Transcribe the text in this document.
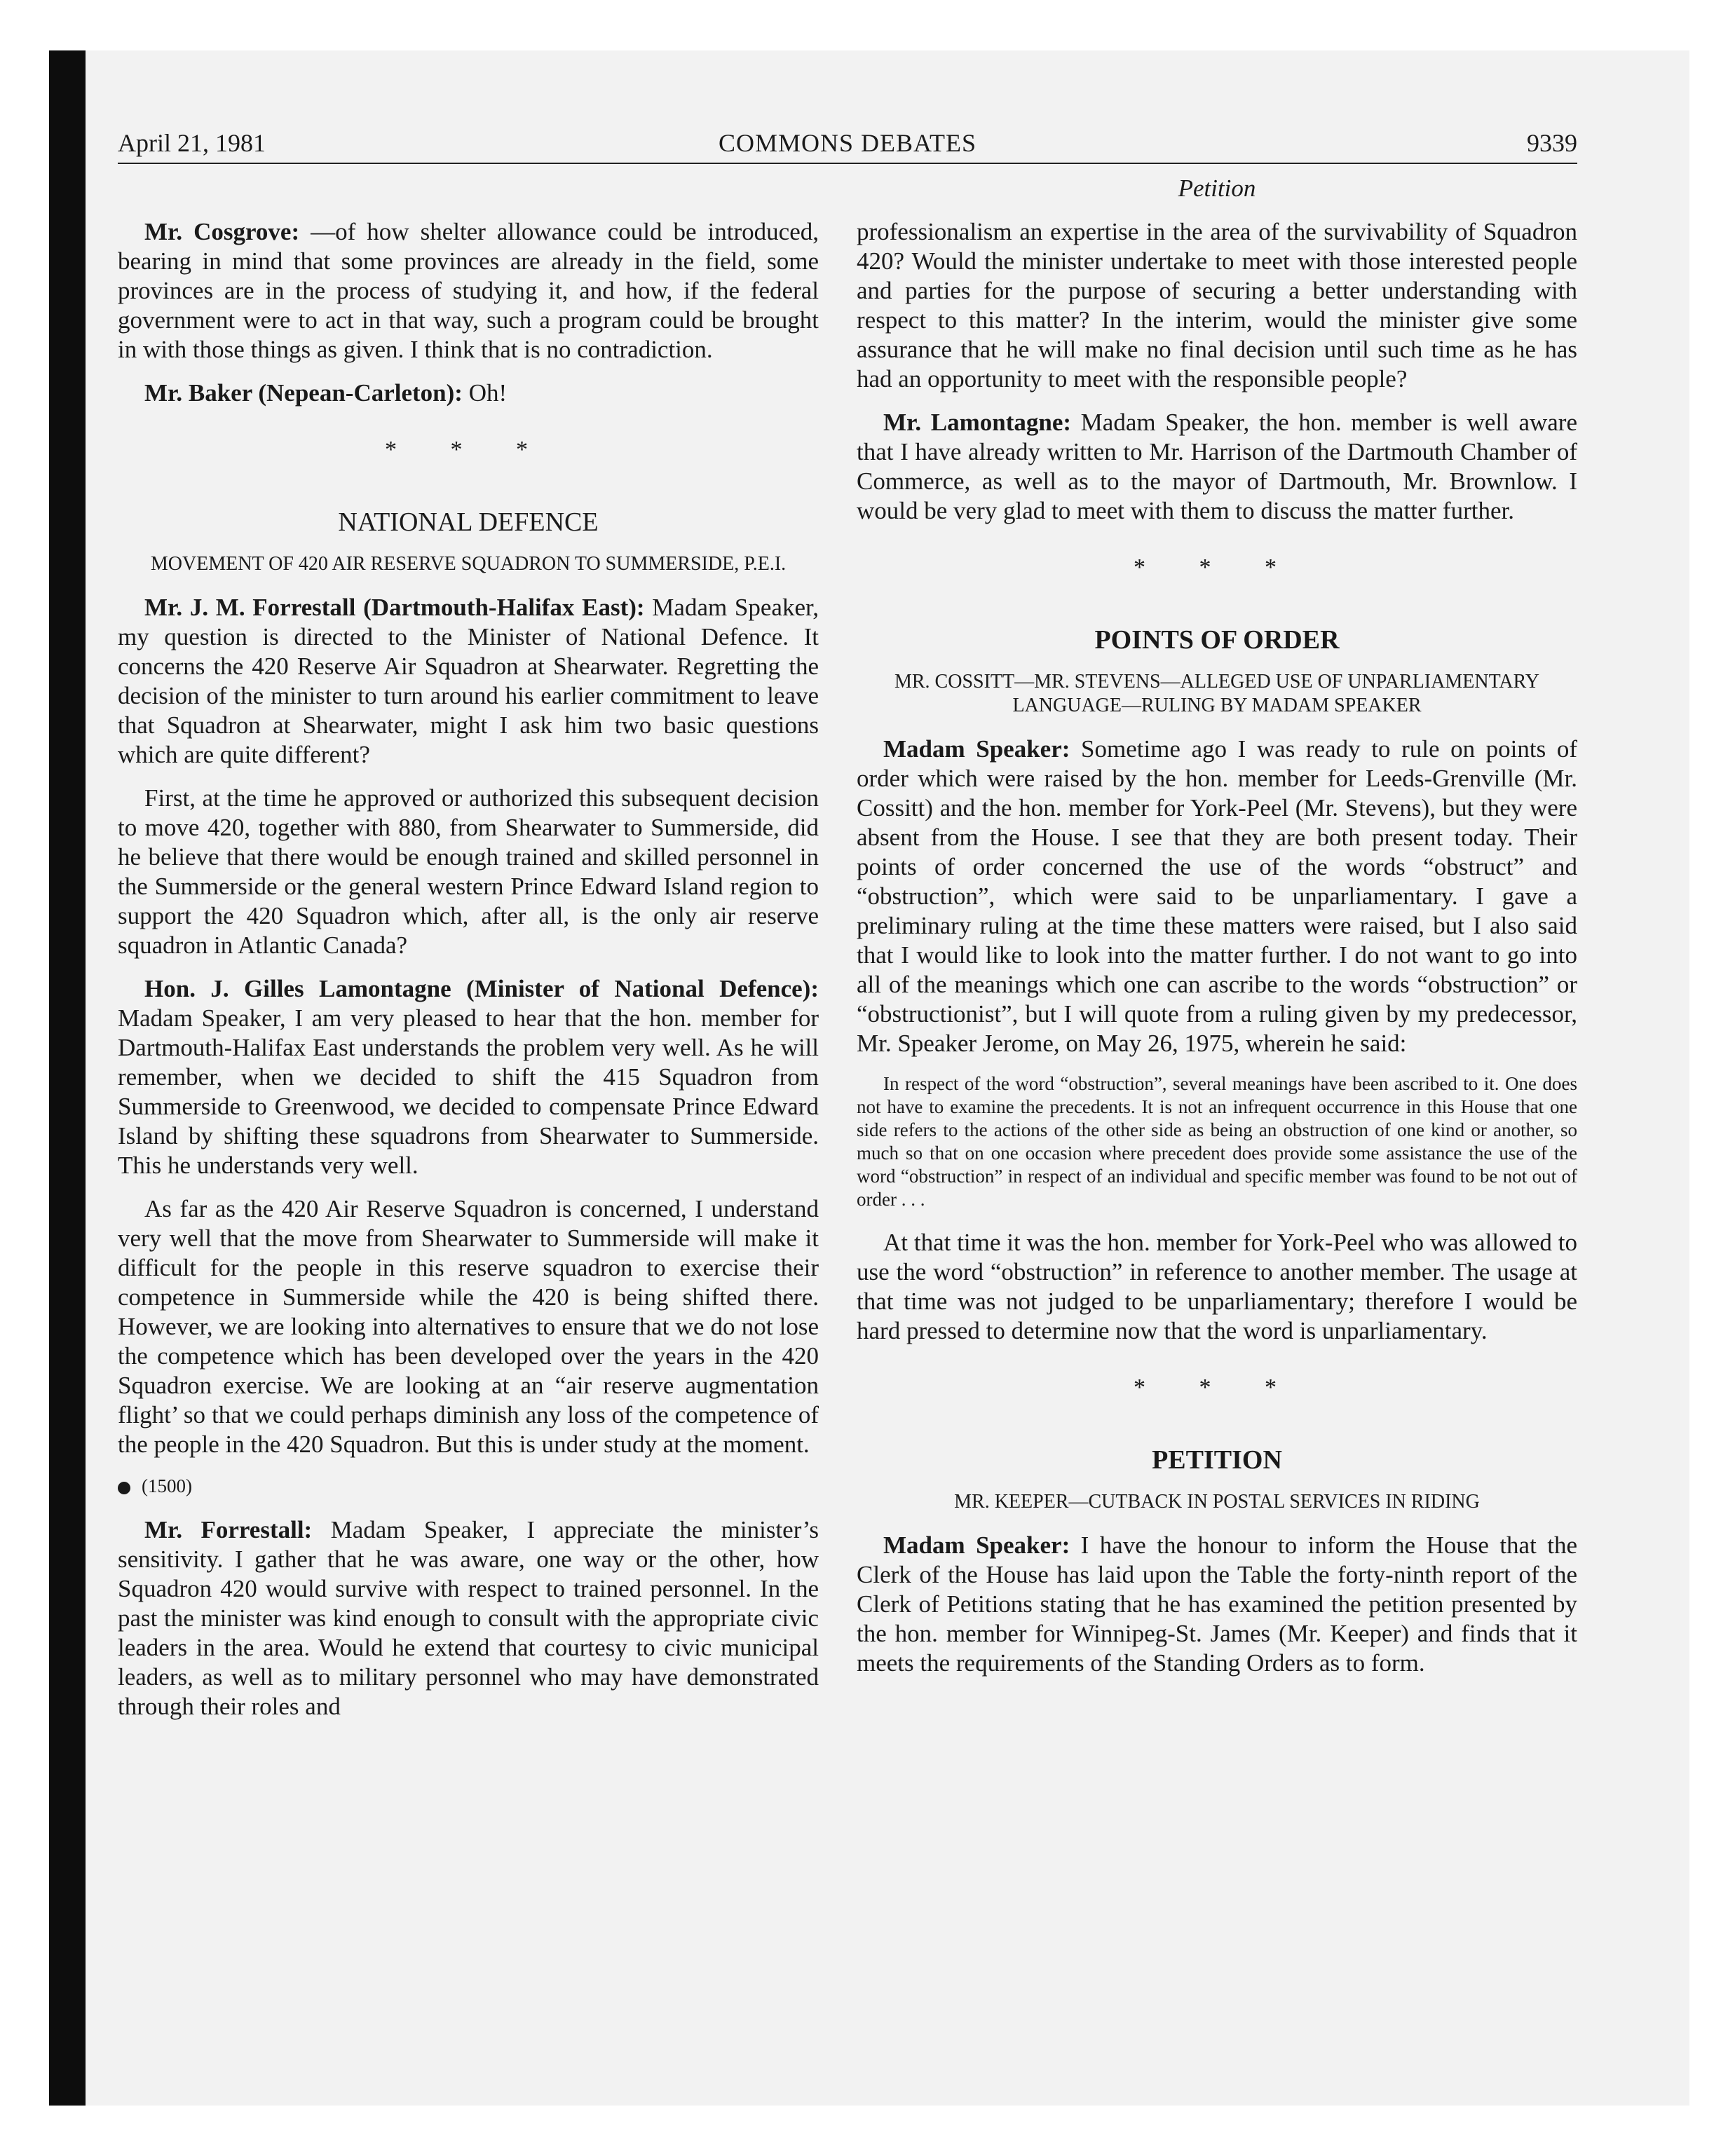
April 21, 1981	COMMONS DEBATES	9339
Petition

Mr. Cosgrove: —of how shelter allowance could be introduced, bearing in mind that some provinces are already in the field, some provinces are in the process of studying it, and how, if the federal government were to act in that way, such a program could be brought in with those things as given. I think that is no contradiction.

Mr. Baker (Nepean-Carleton): Oh!

* * *
NATIONAL DEFENCE
MOVEMENT OF 420 AIR RESERVE SQUADRON TO SUMMERSIDE, P.E.I.

Mr. J. M. Forrestall (Dartmouth-Halifax East): Madam Speaker, my question is directed to the Minister of National Defence. It concerns the 420 Reserve Air Squadron at Shearwater. Regretting the decision of the minister to turn around his earlier commitment to leave that Squadron at Shearwater, might I ask him two basic questions which are quite different?

First, at the time he approved or authorized this subsequent decision to move 420, together with 880, from Shearwater to Summerside, did he believe that there would be enough trained and skilled personnel in the Summerside or the general western Prince Edward Island region to support the 420 Squadron which, after all, is the only air reserve squadron in Atlantic Canada?

Hon. J. Gilles Lamontagne (Minister of National Defence): Madam Speaker, I am very pleased to hear that the hon. member for Dartmouth-Halifax East understands the problem very well. As he will remember, when we decided to shift the 415 Squadron from Summerside to Greenwood, we decided to compensate Prince Edward Island by shifting these squadrons from Shearwater to Summerside. This he understands very well.

As far as the 420 Air Reserve Squadron is concerned, I understand very well that the move from Shearwater to Summerside will make it difficult for the people in this reserve squadron to exercise their competence in Summerside while the 420 is being shifted there. However, we are looking into alternatives to ensure that we do not lose the competence which has been developed over the years in the 420 Squadron exercise. We are looking at an “air reserve augmentation flight’ so that we could perhaps diminish any loss of the competence of the people in the 420 Squadron. But this is under study at the moment.

(1500)

Mr. Forrestall: Madam Speaker, I appreciate the minister’s sensitivity. I gather that he was aware, one way or the other, how Squadron 420 would survive with respect to trained personnel. In the past the minister was kind enough to consult with the appropriate civic leaders in the area. Would he extend that courtesy to civic municipal leaders, as well as to military personnel who may have demonstrated through their roles and

professionalism an expertise in the area of the survivability of Squadron 420? Would the minister undertake to meet with those interested people and parties for the purpose of securing a better understanding with respect to this matter? In the interim, would the minister give some assurance that he will make no final decision until such time as he has had an opportunity to meet with the responsible people?

Mr. Lamontagne: Madam Speaker, the hon. member is well aware that I have already written to Mr. Harrison of the Dartmouth Chamber of Commerce, as well as to the mayor of Dartmouth, Mr. Brownlow. I would be very glad to meet with them to discuss the matter further.

* * *
POINTS OF ORDER
MR. COSSITT—MR. STEVENS—ALLEGED USE OF UNPARLIAMENTARY LANGUAGE—RULING BY MADAM SPEAKER

Madam Speaker: Sometime ago I was ready to rule on points of order which were raised by the hon. member for Leeds-Grenville (Mr. Cossitt) and the hon. member for York-Peel (Mr. Stevens), but they were absent from the House. I see that they are both present today. Their points of order concerned the use of the words “obstruct” and “obstruction”, which were said to be unparliamentary. I gave a preliminary ruling at the time these matters were raised, but I also said that I would like to look into the matter further. I do not want to go into all of the meanings which one can ascribe to the words “obstruction” or “obstructionist”, but I will quote from a ruling given by my predecessor, Mr. Speaker Jerome, on May 26, 1975, wherein he said:

In respect of the word “obstruction”, several meanings have been ascribed to it. One does not have to examine the precedents. It is not an infrequent occurrence in this House that one side refers to the actions of the other side as being an obstruction of one kind or another, so much so that on one occasion where precedent does provide some assistance the use of the word “obstruction” in respect of an individual and specific member was found to be not out of order . . .

At that time it was the hon. member for York-Peel who was allowed to use the word “obstruction” in reference to another member. The usage at that time was not judged to be unparliamentary; therefore I would be hard pressed to determine now that the word is unparliamentary.

* * *
PETITION
MR. KEEPER—CUTBACK IN POSTAL SERVICES IN RIDING

Madam Speaker: I have the honour to inform the House that the Clerk of the House has laid upon the Table the forty-ninth report of the Clerk of Petitions stating that he has examined the petition presented by the hon. member for Winnipeg-St. James (Mr. Keeper) and finds that it meets the requirements of the Standing Orders as to form.
